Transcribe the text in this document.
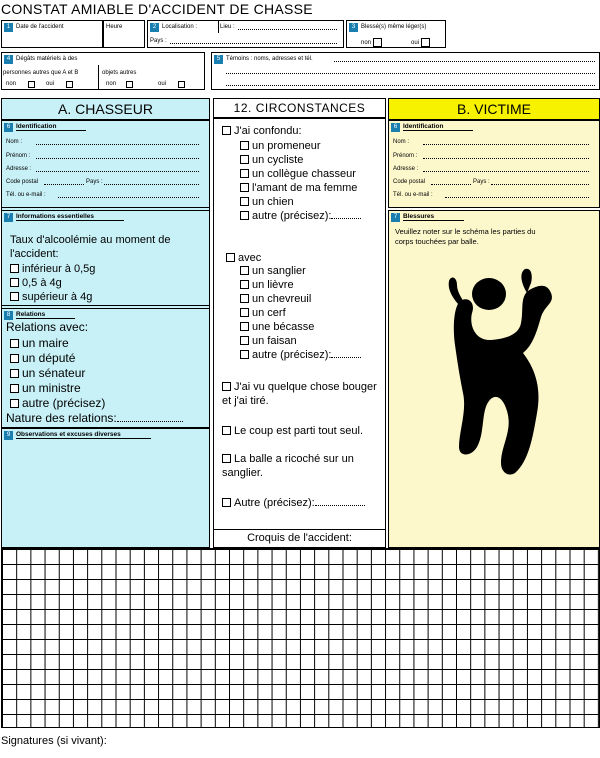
CONSTAT AMIABLE D'ACCIDENT DE CHASSE
1 Date de l'accident	Heure	2 Localisation :	Lieu :
Pays :
3 Blessé(s) même léger(s)
non	oui
4 Dégâts matériels à des
personnes autres que A et B	objets autres
non	oui	non	oui
5 Témoins : noms, adresses et tél.
A. CHASSEUR	12. CIRCONSTANCES	B. VICTIME
6 Identification
Nom :
Prénom :
Adresse :
Code postal	Pays :
Tél. ou e-mail :
7 Informations essentielles
Taux d'alcoolémie au moment de l'accident:
inférieur à 0,5g
0,5 à 4g
supérieur à 4g
8 Relations
Relations avec:
un maire
un député
un sénateur
un ministre
autre (précisez)
Nature des relations:
9 Observations et excuses diverses
J'ai confondu:
un promeneur
un cycliste
un collègue chasseur
l'amant de ma femme
un chien
autre (précisez):
avec
un sanglier
un lièvre
un chevreuil
un cerf
une bécasse
un faisan
autre (précisez):
J'ai vu quelque chose bouger et j'ai tiré.
Le coup est parti tout seul.
La balle a ricoché sur un sanglier.
Autre (précisez):
Croquis de l'accident:
6 Identification
Nom :
Prénom :
Adresse :
Code postal	Pays :
Tél. ou e-mail :
7 Blessures
Veuillez noter sur le schéma les parties du corps touchées par balle.
Signatures (si vivant):
